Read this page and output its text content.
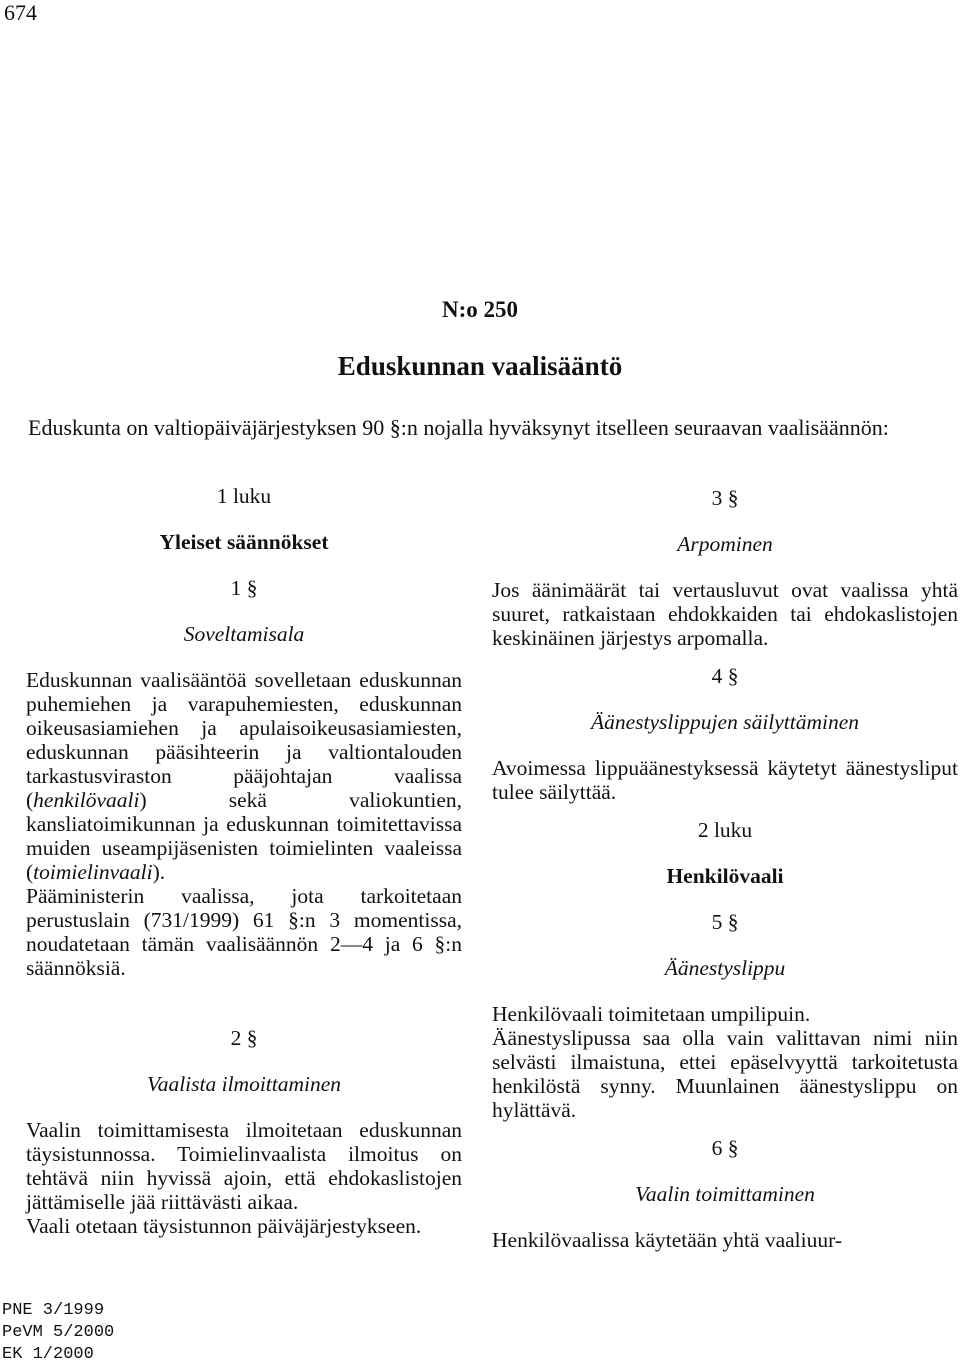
674
N:o 250
Eduskunnan vaalisääntö

Eduskunta on valtiopäiväjärjestyksen 90 §:n nojalla hyväksynyt itselleen seuraavan vaalisäännön:

1 luku
Yleiset säännökset
1 §
Soveltamisala

Eduskunnan vaalisääntöä sovelletaan eduskunnan puhemiehen ja varapuhemiesten, eduskunnan oikeusasiamiehen ja apulaisoikeusasiamiesten, eduskunnan pääsihteerin ja valtiontalouden tarkastusviraston pääjohtajan vaalissa (henkilövaali) sekä valiokuntien, kansliatoimikunnan ja eduskunnan toimitettavissa muiden useampijäsenisten toimielinten vaaleissa (toimielinvaali).

Pääministerin vaalissa, jota tarkoitetaan perustuslain (731/1999) 61 §:n 3 momentissa, noudatetaan tämän vaalisäännön 2—4 ja 6 §:n säännöksiä.

2 §
Vaalista ilmoittaminen

Vaalin toimittamisesta ilmoitetaan eduskunnan täysistunnossa. Toimielinvaalista ilmoitus on tehtävä niin hyvissä ajoin, että ehdokaslistojen jättämiselle jää riittävästi aikaa.

Vaali otetaan täysistunnon päiväjärjestykseen.

3 §
Arpominen

Jos äänimäärät tai vertausluvut ovat vaalissa yhtä suuret, ratkaistaan ehdokkaiden tai ehdokaslistojen keskinäinen järjestys arpomalla.

4 §
Äänestyslippujen säilyttäminen

Avoimessa lippuäänestyksessä käytetyt äänestysliput tulee säilyttää.

2 luku
Henkilövaali
5 §
Äänestyslippu

Henkilövaali toimitetaan umpilipuin.

Äänestyslipussa saa olla vain valittavan nimi niin selvästi ilmaistuna, ettei epäselvyyttä tarkoitetusta henkilöstä synny. Muunlainen äänestyslippu on hylättävä.

6 §
Vaalin toimittaminen

Henkilövaalissa käytetään yhtä vaaliuur-

PNE 3/1999
PeVM 5/2000
EK 1/2000
